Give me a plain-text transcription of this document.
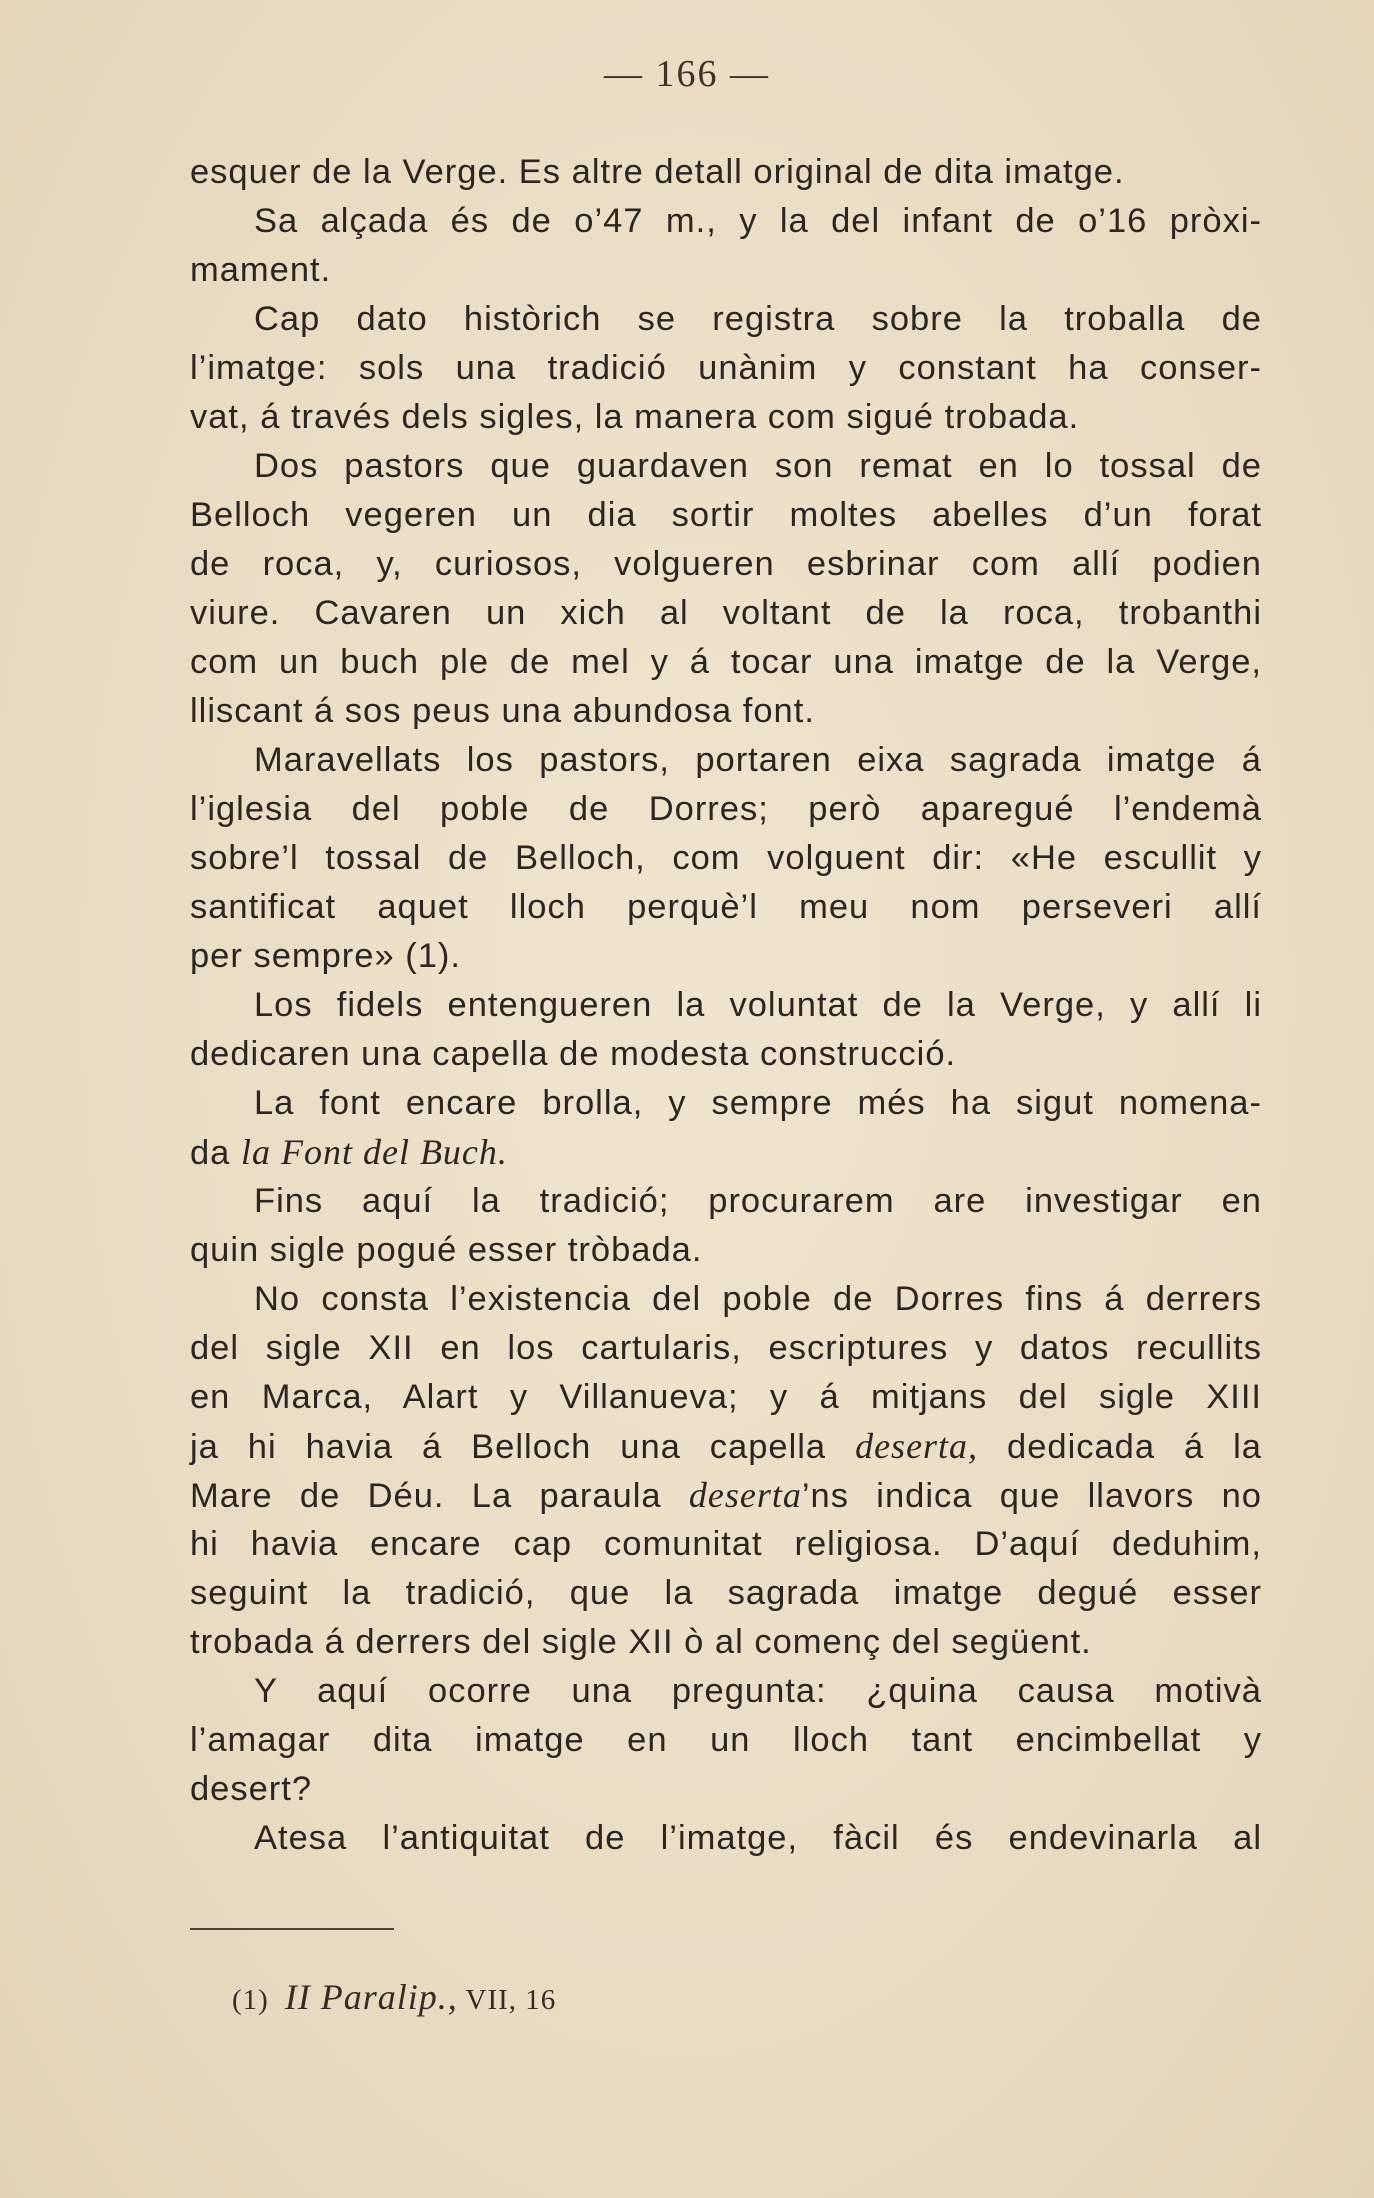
— 166 —
esquer de la Verge. Es altre detall original de dita imatge.
Sa alçada és de o’47 m., y la del infant de o’16 pròxi-
mament.
Cap dato històrich se registra sobre la troballa de
l’imatge: sols una tradició unànim y constant ha conser-
vat, á través dels sigles, la manera com sigué trobada.
Dos pastors que guardaven son remat en lo tossal de
Belloch vegeren un dia sortir moltes abelles d’un forat
de roca, y, curiosos, volgueren esbrinar com allí podien
viure. Cavaren un xich al voltant de la roca, trobanthi
com un buch ple de mel y á tocar una imatge de la Verge,
lliscant á sos peus una abundosa font.
Maravellats los pastors, portaren eixa sagrada imatge á
l’iglesia del poble de Dorres; però aparegué l’endemà
sobre’l tossal de Belloch, com volguent dir: «He escullit y
santificat aquet lloch perquè’l meu nom perseveri allí
per sempre» (1).
Los fidels entengueren la voluntat de la Verge, y allí li
dedicaren una capella de modesta construcció.
La font encare brolla, y sempre més ha sigut nomena-
da la Font del Buch.
Fins aquí la tradició; procurarem are investigar en
quin sigle pogué esser tròbada.
No consta l’existencia del poble de Dorres fins á derrers
del sigle XII en los cartularis, escriptures y datos recullits
en Marca, Alart y Villanueva; y á mitjans del sigle XIII
ja hi havia á Belloch una capella deserta, dedicada á la
Mare de Déu. La paraula deserta’ns indica que llavors no
hi havia encare cap comunitat religiosa. D’aquí deduhim,
seguint la tradició, que la sagrada imatge degué esser
trobada á derrers del sigle XII ò al començ del següent.
Y aquí ocorre una pregunta: ¿quina causa motivà
l’amagar dita imatge en un lloch tant encimbellat y
desert?
Atesa l’antiquitat de l’imatge, fàcil és endevinarla al
(1) II Paralip., VII, 16
